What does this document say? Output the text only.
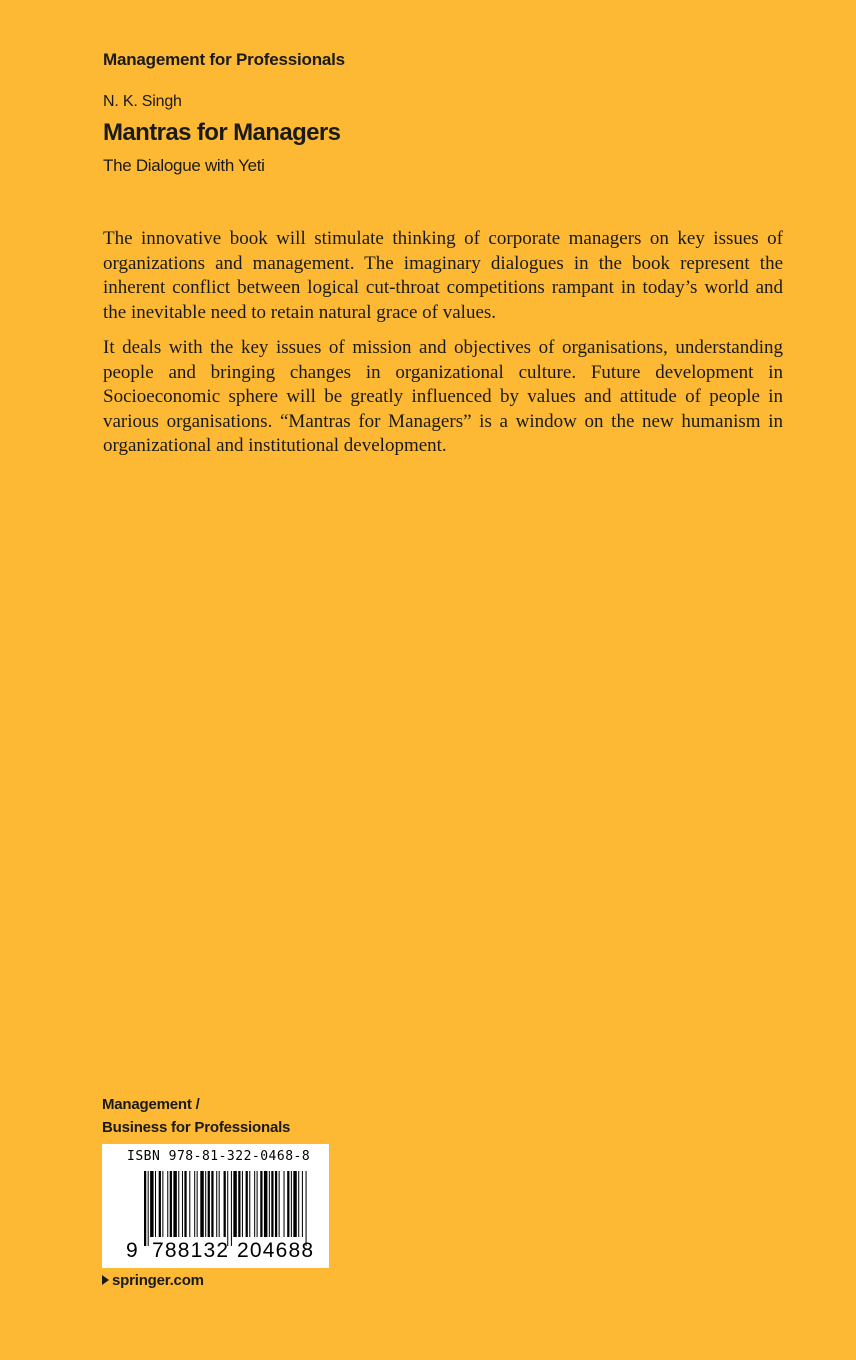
Management for Professionals
N. K. Singh
Mantras for Managers
The Dialogue with Yeti

The innovative book will stimulate thinking of corporate managers on key issues of organizations and management. The imaginary dialogues in the book represent the inherent conflict between logical cut-throat competitions rampant in today’s world and the inevitable need to retain natural grace of values.

It deals with the key issues of mission and objectives of organisations, understanding people and bringing changes in organizational culture. Future development in Socioeconomic sphere will be greatly influenced by values and attitude of people in various organisations. “Mantras for Managers” is a window on the new humanism in organizational and institutional development.

Management /
Business for Professionals
ISBN 978-81-322-0468-8
9 788132 204688
springer.com
